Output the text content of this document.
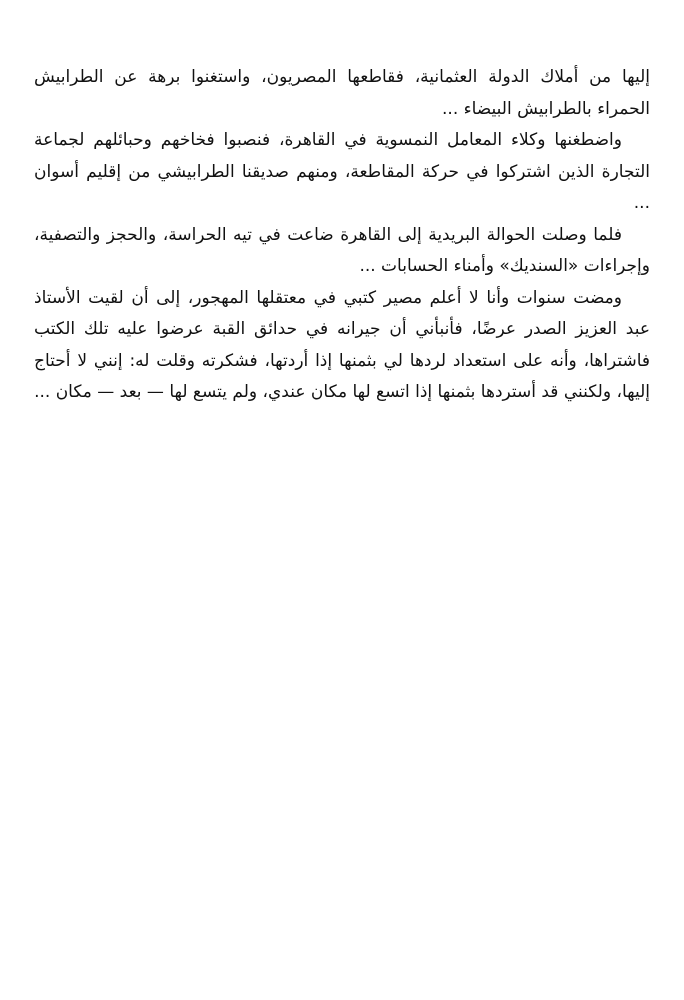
إليها من أملاك الدولة العثمانية، فقاطعها المصريون، واستغنوا برهة عن الطرابيش الحمراء بالطرابيش البيضاء ...

واضطغنها وكلاء المعامل النمسوية في القاهرة، فنصبوا فخاخهم وحبائلهم لجماعة التجارة الذين اشتركوا في حركة المقاطعة، ومنهم صديقنا الطرابيشي من إقليم أسوان ...

فلما وصلت الحوالة البريدية إلى القاهرة ضاعت في تيه الحراسة، والحجز والتصفية، وإجراءات «السنديك» وأمناء الحسابات ...

ومضت سنوات وأنا لا أعلم مصير كتبي في معتقلها المهجور، إلى أن لقيت الأستاذ عبد العزيز الصدر عرضًا، فأنبأني أن جيرانه في حدائق القبة عرضوا عليه تلك الكتب فاشتراها، وأنه على استعداد لردها لي بثمنها إذا أردتها، فشكرته وقلت له: إنني لا أحتاج إليها، ولكنني قد أستردها بثمنها إذا اتسع لها مكان عندي، ولم يتسع لها — بعد — مكان ...
